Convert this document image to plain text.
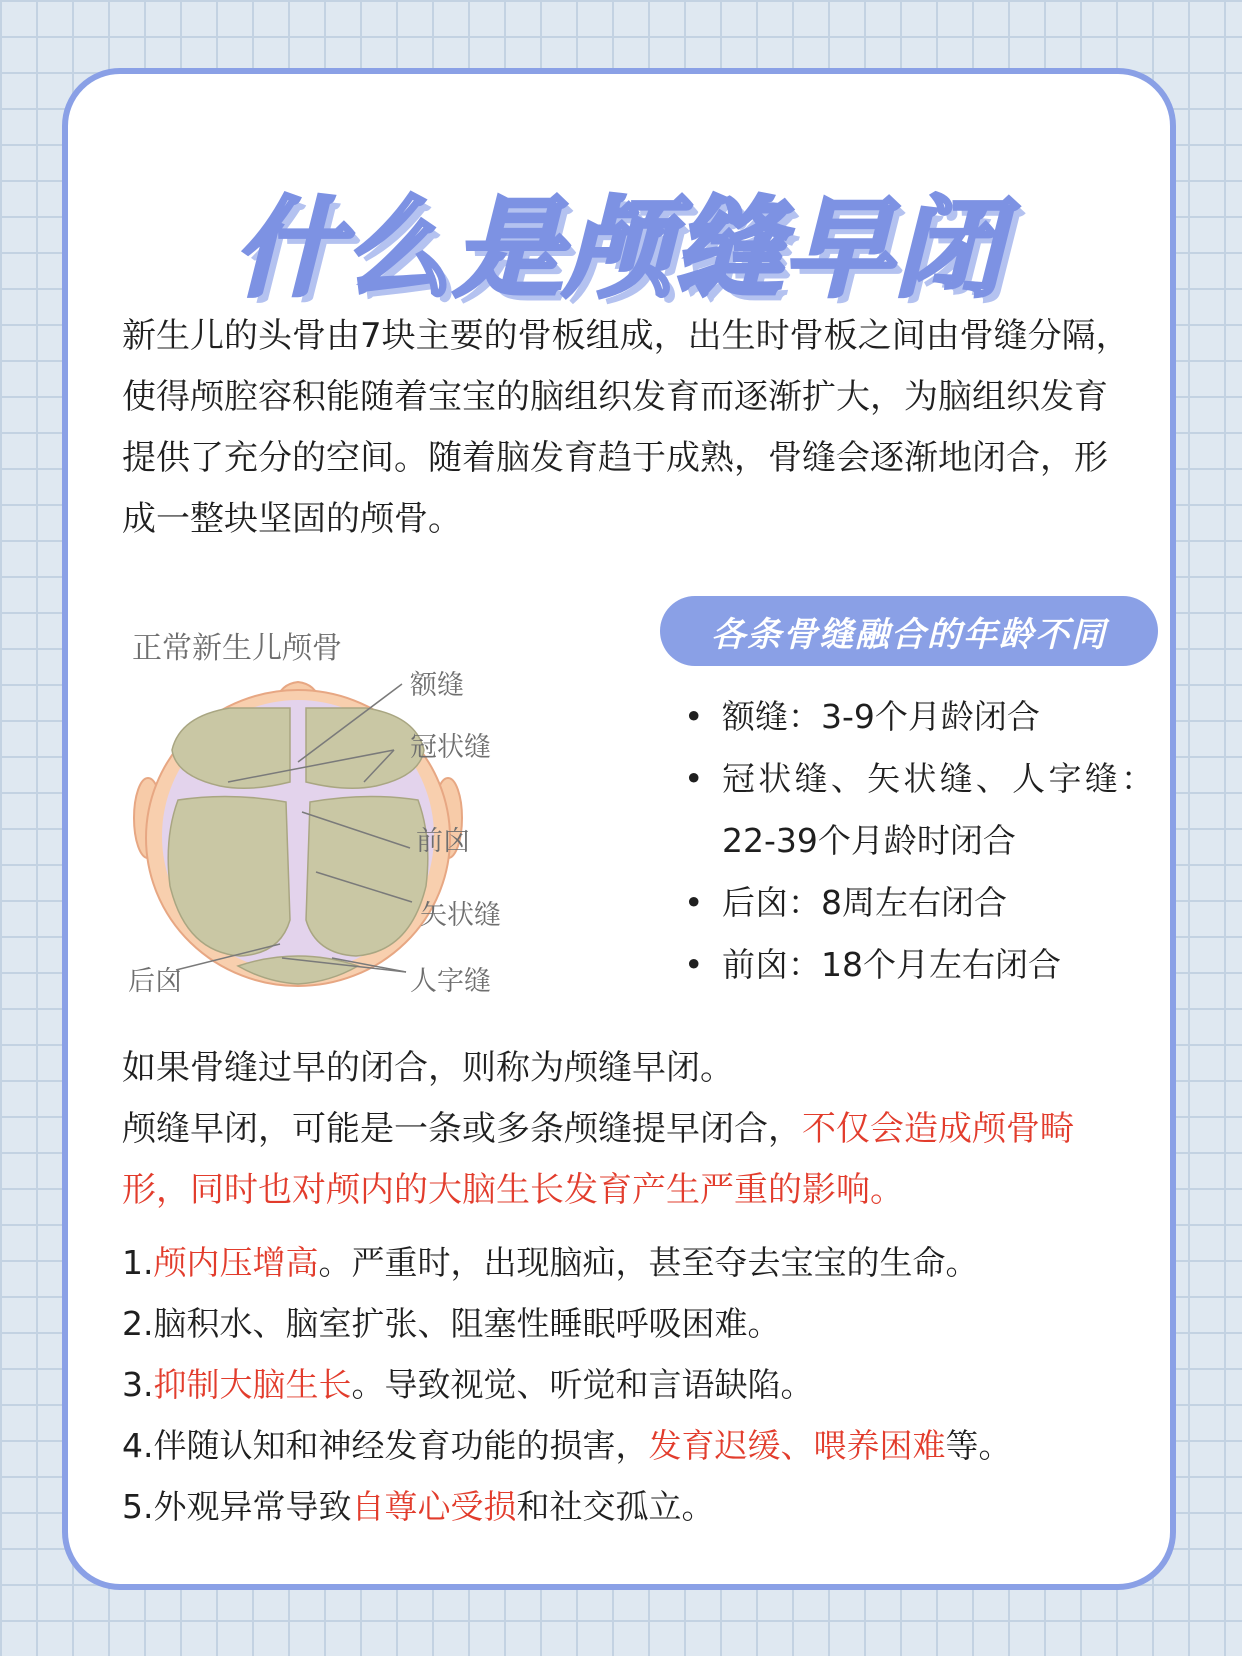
什么是颅缝早闭

新生儿的头骨由7块主要的骨板组成，出生时骨板之间由骨缝分隔，使得颅腔容积能随着宝宝的脑组织发育而逐渐扩大，为脑组织发育提供了充分的空间。随着脑发育趋于成熟，骨缝会逐渐地闭合，形成一整块坚固的颅骨。

正常新生儿颅骨
额缝
冠状缝
前囟
矢状缝
后囟	人字缝
各条骨缝融合的年龄不同
• 额缝：3-9个月龄闭合
• 冠状缝、矢状缝、人字缝：22-39个月龄时闭合
• 后囟：8周左右闭合
• 前囟：18个月左右闭合

如果骨缝过早的闭合，则称为颅缝早闭。
颅缝早闭，可能是一条或多条颅缝提早闭合，不仅会造成颅骨畸形，同时也对颅内的大脑生长发育产生严重的影响。

1.颅内压增高。严重时，出现脑疝，甚至夺去宝宝的生命。
2.脑积水、脑室扩张、阻塞性睡眠呼吸困难。
3.抑制大脑生长。导致视觉、听觉和言语缺陷。
4.伴随认知和神经发育功能的损害，发育迟缓、喂养困难等。
5.外观异常导致自尊心受损和社交孤立。
